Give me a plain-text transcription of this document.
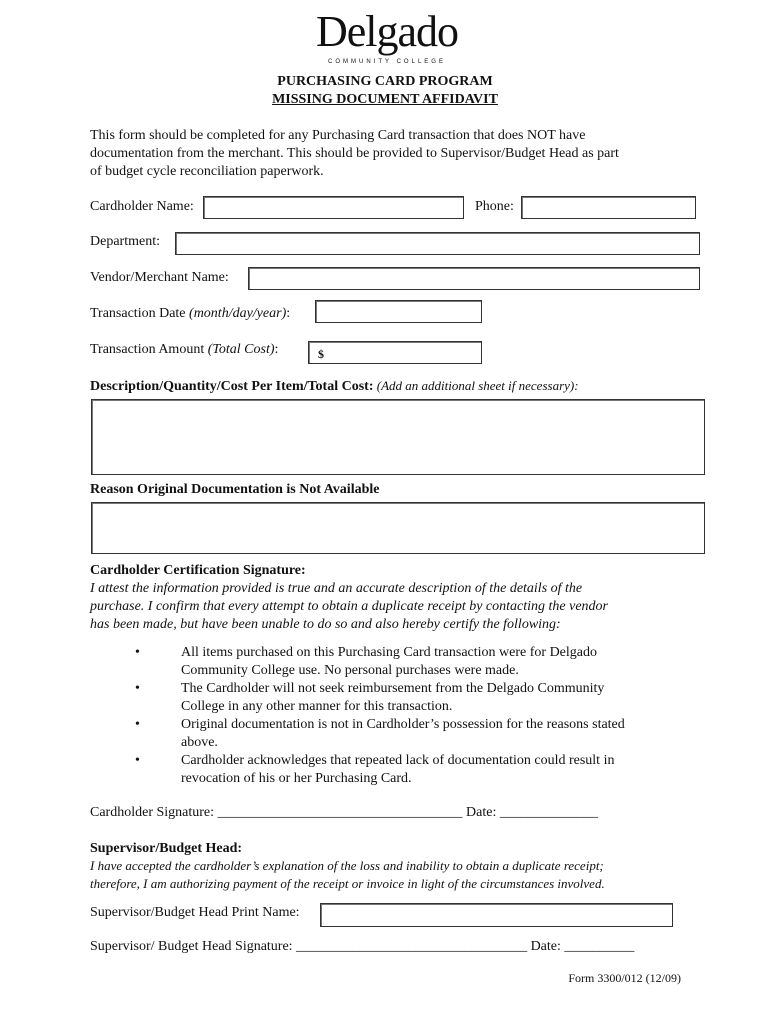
Delgado
COMMUNITY COLLEGE
PURCHASING CARD PROGRAM
MISSING DOCUMENT AFFIDAVIT
This form should be completed for any Purchasing Card transaction that does NOT have
documentation from the merchant. This should be provided to Supervisor/Budget Head as part
of budget cycle reconciliation paperwork.
Cardholder Name:	Phone:
Department:
Vendor/Merchant Name:
Transaction Date (month/day/year):
Transaction Amount (Total Cost):	$
Description/Quantity/Cost Per Item/Total Cost: (Add an additional sheet if necessary):
Reason Original Documentation is Not Available
Cardholder Certification Signature:
I attest the information provided is true and an accurate description of the details of the
purchase. I confirm that every attempt to obtain a duplicate receipt by contacting the vendor
has been made, but have been unable to do so and also hereby certify the following:
•	All items purchased on this Purchasing Card transaction were for Delgado
Community College use. No personal purchases were made.
•	The Cardholder will not seek reimbursement from the Delgado Community
College in any other manner for this transaction.
•	Original documentation is not in Cardholder’s possession for the reasons stated
above.
•	Cardholder acknowledges that repeated lack of documentation could result in
revocation of his or her Purchasing Card.
Cardholder Signature: ___________________________________ Date: ______________
Supervisor/Budget Head:
I have accepted the cardholder’s explanation of the loss and inability to obtain a duplicate receipt;
therefore, I am authorizing payment of the receipt or invoice in light of the circumstances involved.
Supervisor/Budget Head Print Name:
Supervisor/ Budget Head Signature: _________________________________ Date: __________
Form 3300/012 (12/09)
